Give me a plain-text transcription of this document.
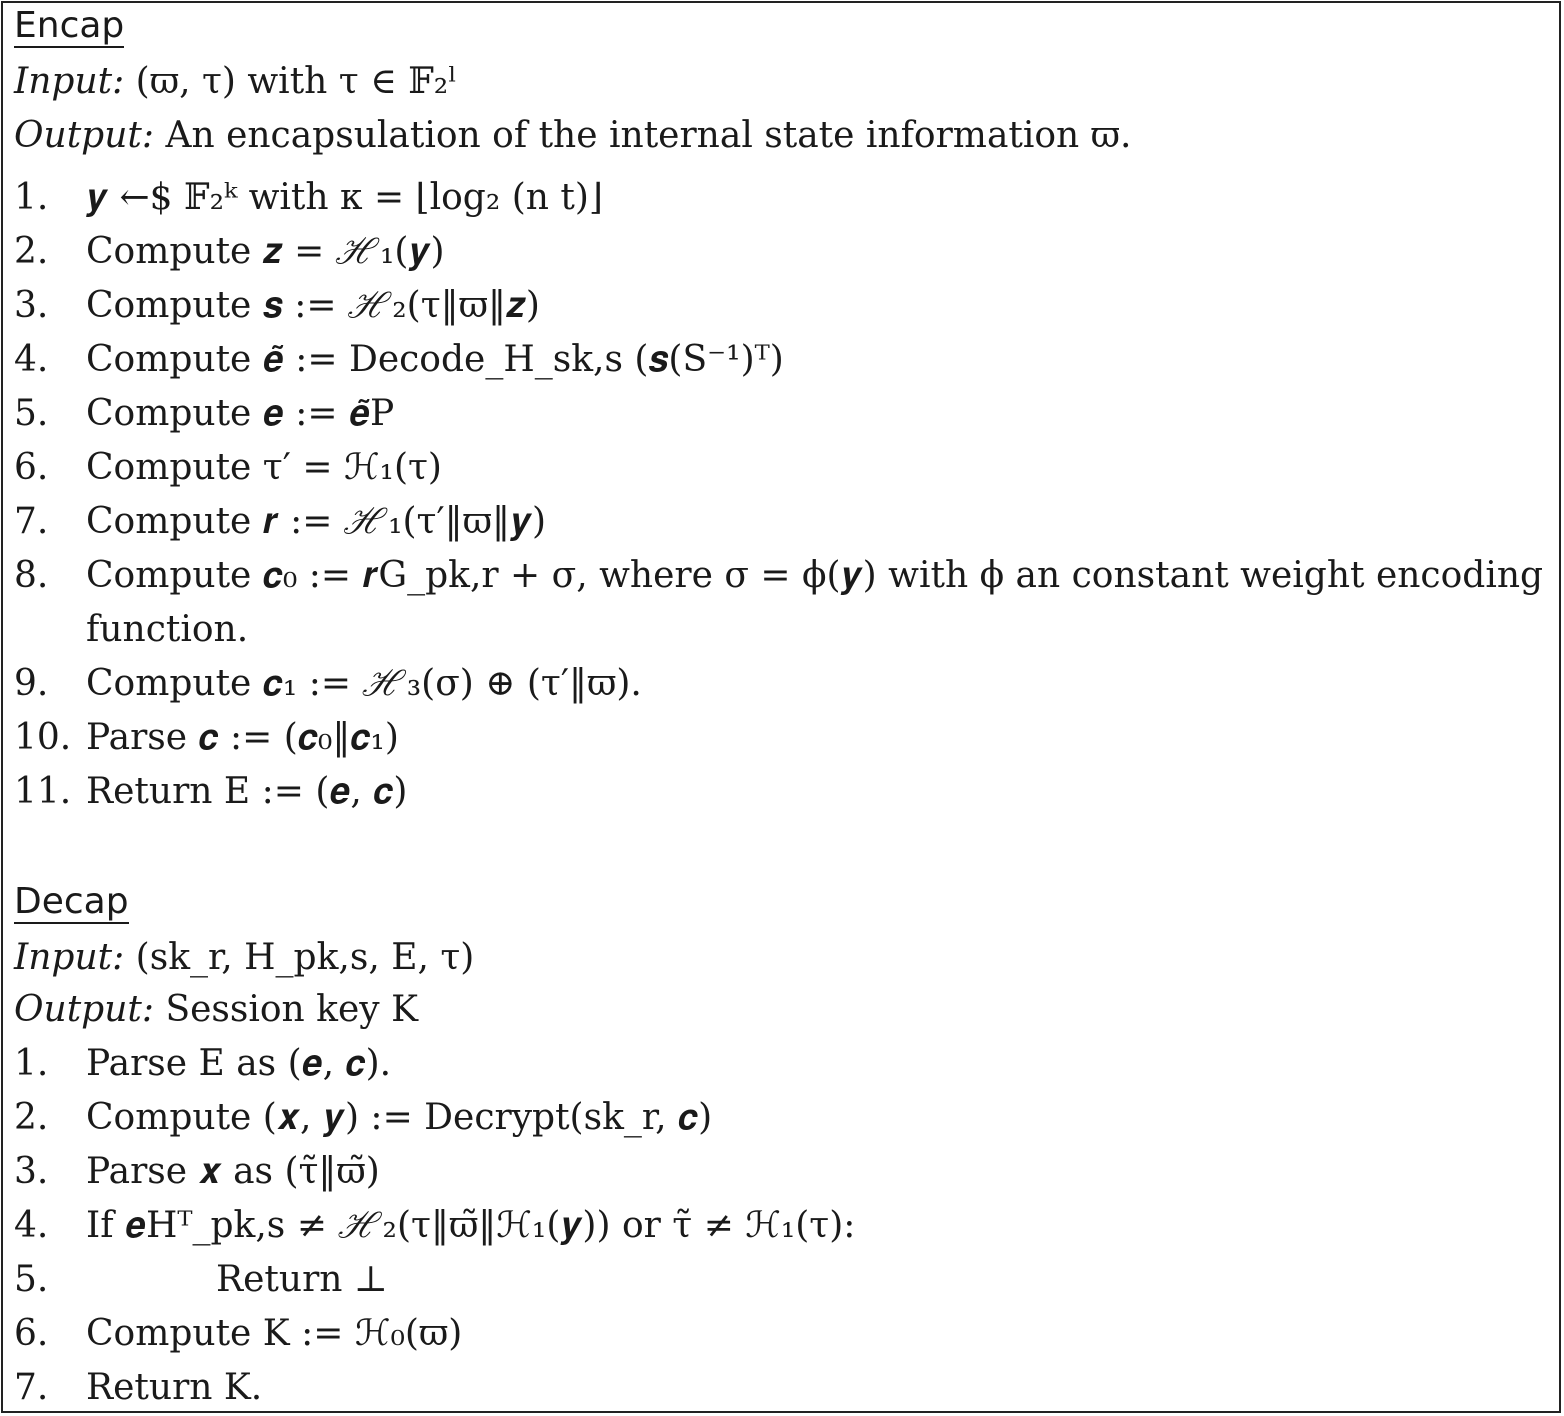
Encap
Input: (ϖ, τ) with τ ∈ 𝔽₂ˡ
Output: An encapsulation of the internal state information ϖ.
1. 𝒚 ←$ 𝔽₂ᵏ with κ = ⌊log₂ (n t)⌋
2. Compute 𝒛 = ℋ₁(𝒚)
3. Compute 𝒔 := ℋ₂(τ‖ϖ‖𝒛)
4. Compute 𝒆̃ := Decode_H_sk,s (𝒔(S⁻¹)ᵀ)
5. Compute 𝒆 := 𝒆̃P
6. Compute τ′ = ℋ₁(τ)
7. Compute 𝒓 := ℋ₁(τ′‖ϖ‖𝒚)
8. Compute 𝒄₀ := 𝒓G_pk,r + σ, where σ = ϕ(𝒚) with ϕ an constant weight encoding
function.
9. Compute 𝒄₁ := ℋ₃(σ) ⊕ (τ′‖ϖ).
10. Parse 𝒄 := (𝒄₀‖𝒄₁)
11. Return E := (𝒆, 𝒄)
Decap
Input: (sk_r, H_pk,s, E, τ)
Output: Session key K
1. Parse E as (𝒆, 𝒄).
2. Compute (𝒙, 𝒚) := Decrypt(sk_r, 𝒄)
3. Parse 𝒙 as (τ̃‖ϖ̃)
4. If 𝒆Hᵀ_pk,s ≠ ℋ₂(τ‖ϖ̃‖ℋ₁(𝒚)) or τ̃ ≠ ℋ₁(τ):
5.	Return ⊥
6. Compute K := ℋ₀(ϖ)
7. Return K.
